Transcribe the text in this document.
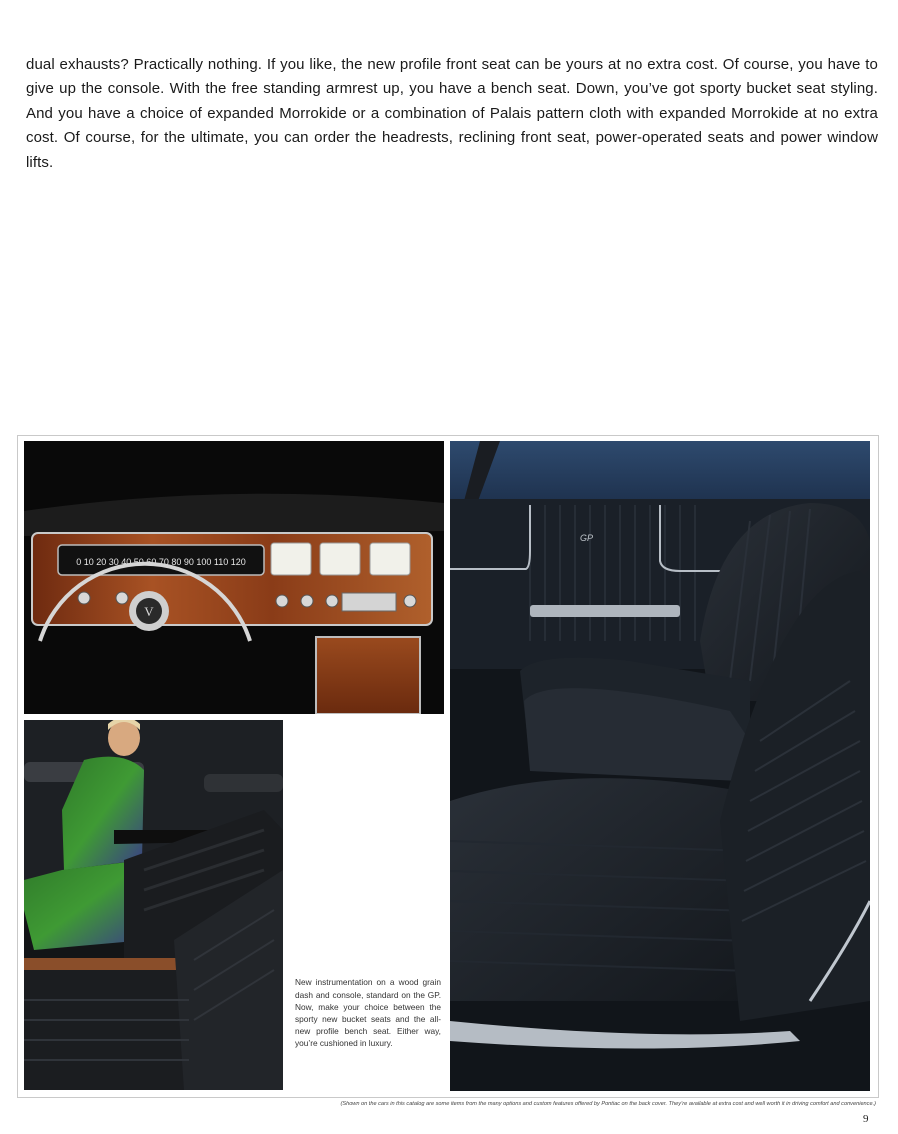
dual exhausts? Practically nothing. If you like, the new profile front seat can be yours at no extra cost. Of course, you have to give up the console. With the free standing armrest up, you have a bench seat. Down, you’ve got sporty bucket seat styling. And you have a choice of expanded Morrokide or a combination of Palais pattern cloth with expanded Morrokide at no extra cost. Of course, for the ultimate, you can order the headrests, reclining front seat, power-operated seats and power window lifts.

0 10 20 30 40 50 60 70 80 90 100 110 120
V

New instrumentation on a wood grain dash and console, standard on the GP. Now, make your choice between the sporty new bucket seats and the all-new profile bench seat. Either way, you’re cushioned in luxury.

GP
(Shown on the cars in this catalog are some items from the many options and custom features offered by Pontiac on the back cover. They’re available at extra cost and well worth it in driving comfort and convenience.)
9
